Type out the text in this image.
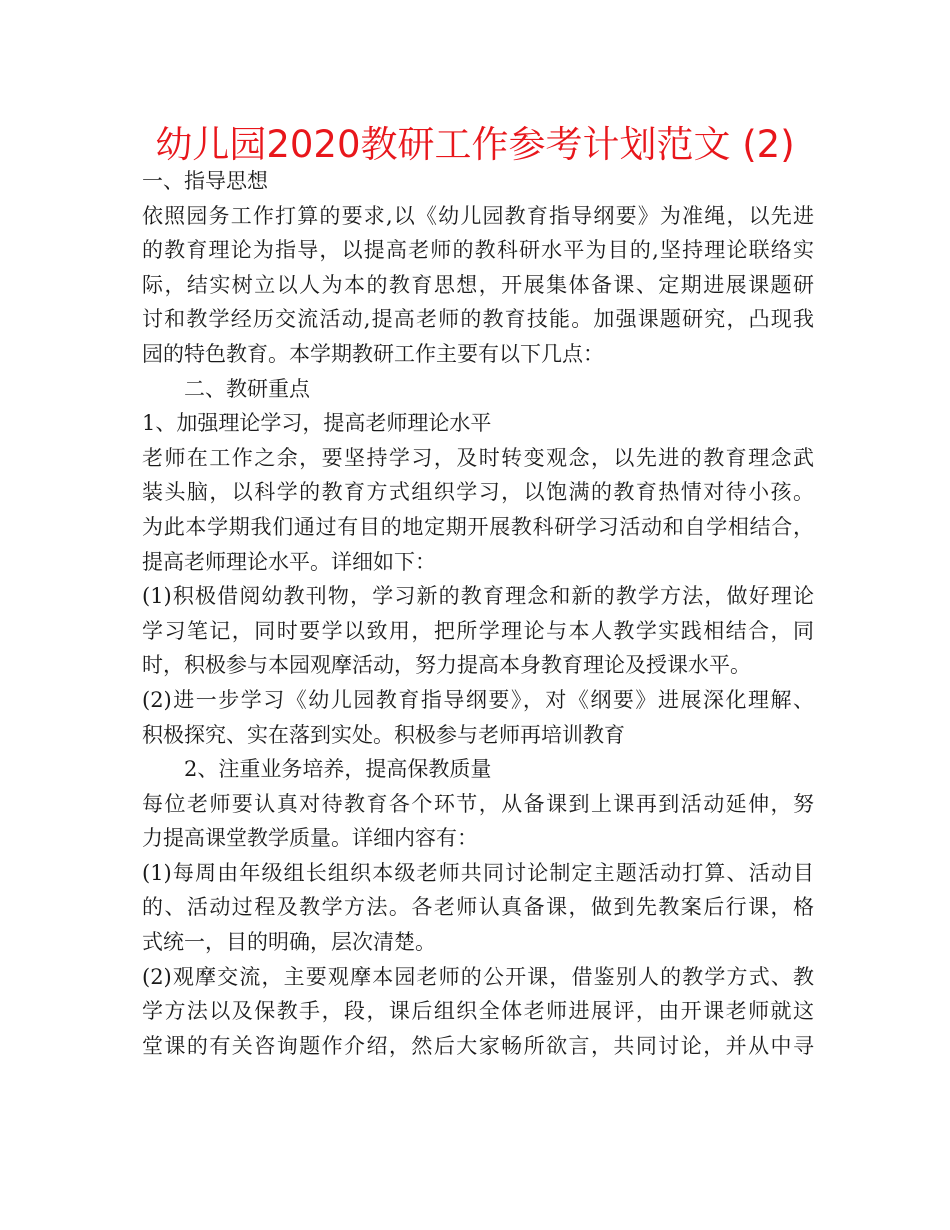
幼儿园2020教研工作参考计划范文 (2)
一、指导思想
依照园务工作打算的要求,以《幼儿园教育指导纲要》为准绳，以先进
的教育理论为指导，以提高老师的教科研水平为目的,坚持理论联络实
际，结实树立以人为本的教育思想，开展集体备课、定期进展课题研
讨和教学经历交流活动,提高老师的教育技能。加强课题研究，凸现我
园的特色教育。本学期教研工作主要有以下几点：
二、教研重点
1、加强理论学习，提高老师理论水平
老师在工作之余，要坚持学习，及时转变观念，以先进的教育理念武
装头脑，以科学的教育方式组织学习，以饱满的教育热情对待小孩。
为此本学期我们通过有目的地定期开展教科研学习活动和自学相结合，
提高老师理论水平。详细如下：
(1)积极借阅幼教刊物，学习新的教育理念和新的教学方法，做好理论
学习笔记，同时要学以致用，把所学理论与本人教学实践相结合，同
时，积极参与本园观摩活动，努力提高本身教育理论及授课水平。
(2)进一步学习《幼儿园教育指导纲要》，对《纲要》进展深化理解、
积极探究、实在落到实处。积极参与老师再培训教育
2、注重业务培养，提高保教质量
每位老师要认真对待教育各个环节，从备课到上课再到活动延伸，努
力提高课堂教学质量。详细内容有：
(1)每周由年级组长组织本级老师共同讨论制定主题活动打算、活动目
的、活动过程及教学方法。各老师认真备课，做到先教案后行课，格
式统一，目的明确，层次清楚。
(2)观摩交流，主要观摩本园老师的公开课，借鉴别人的教学方式、教
学方法以及保教手，段，课后组织全体老师进展评，由开课老师就这
堂课的有关咨询题作介绍，然后大家畅所欲言，共同讨论，并从中寻
